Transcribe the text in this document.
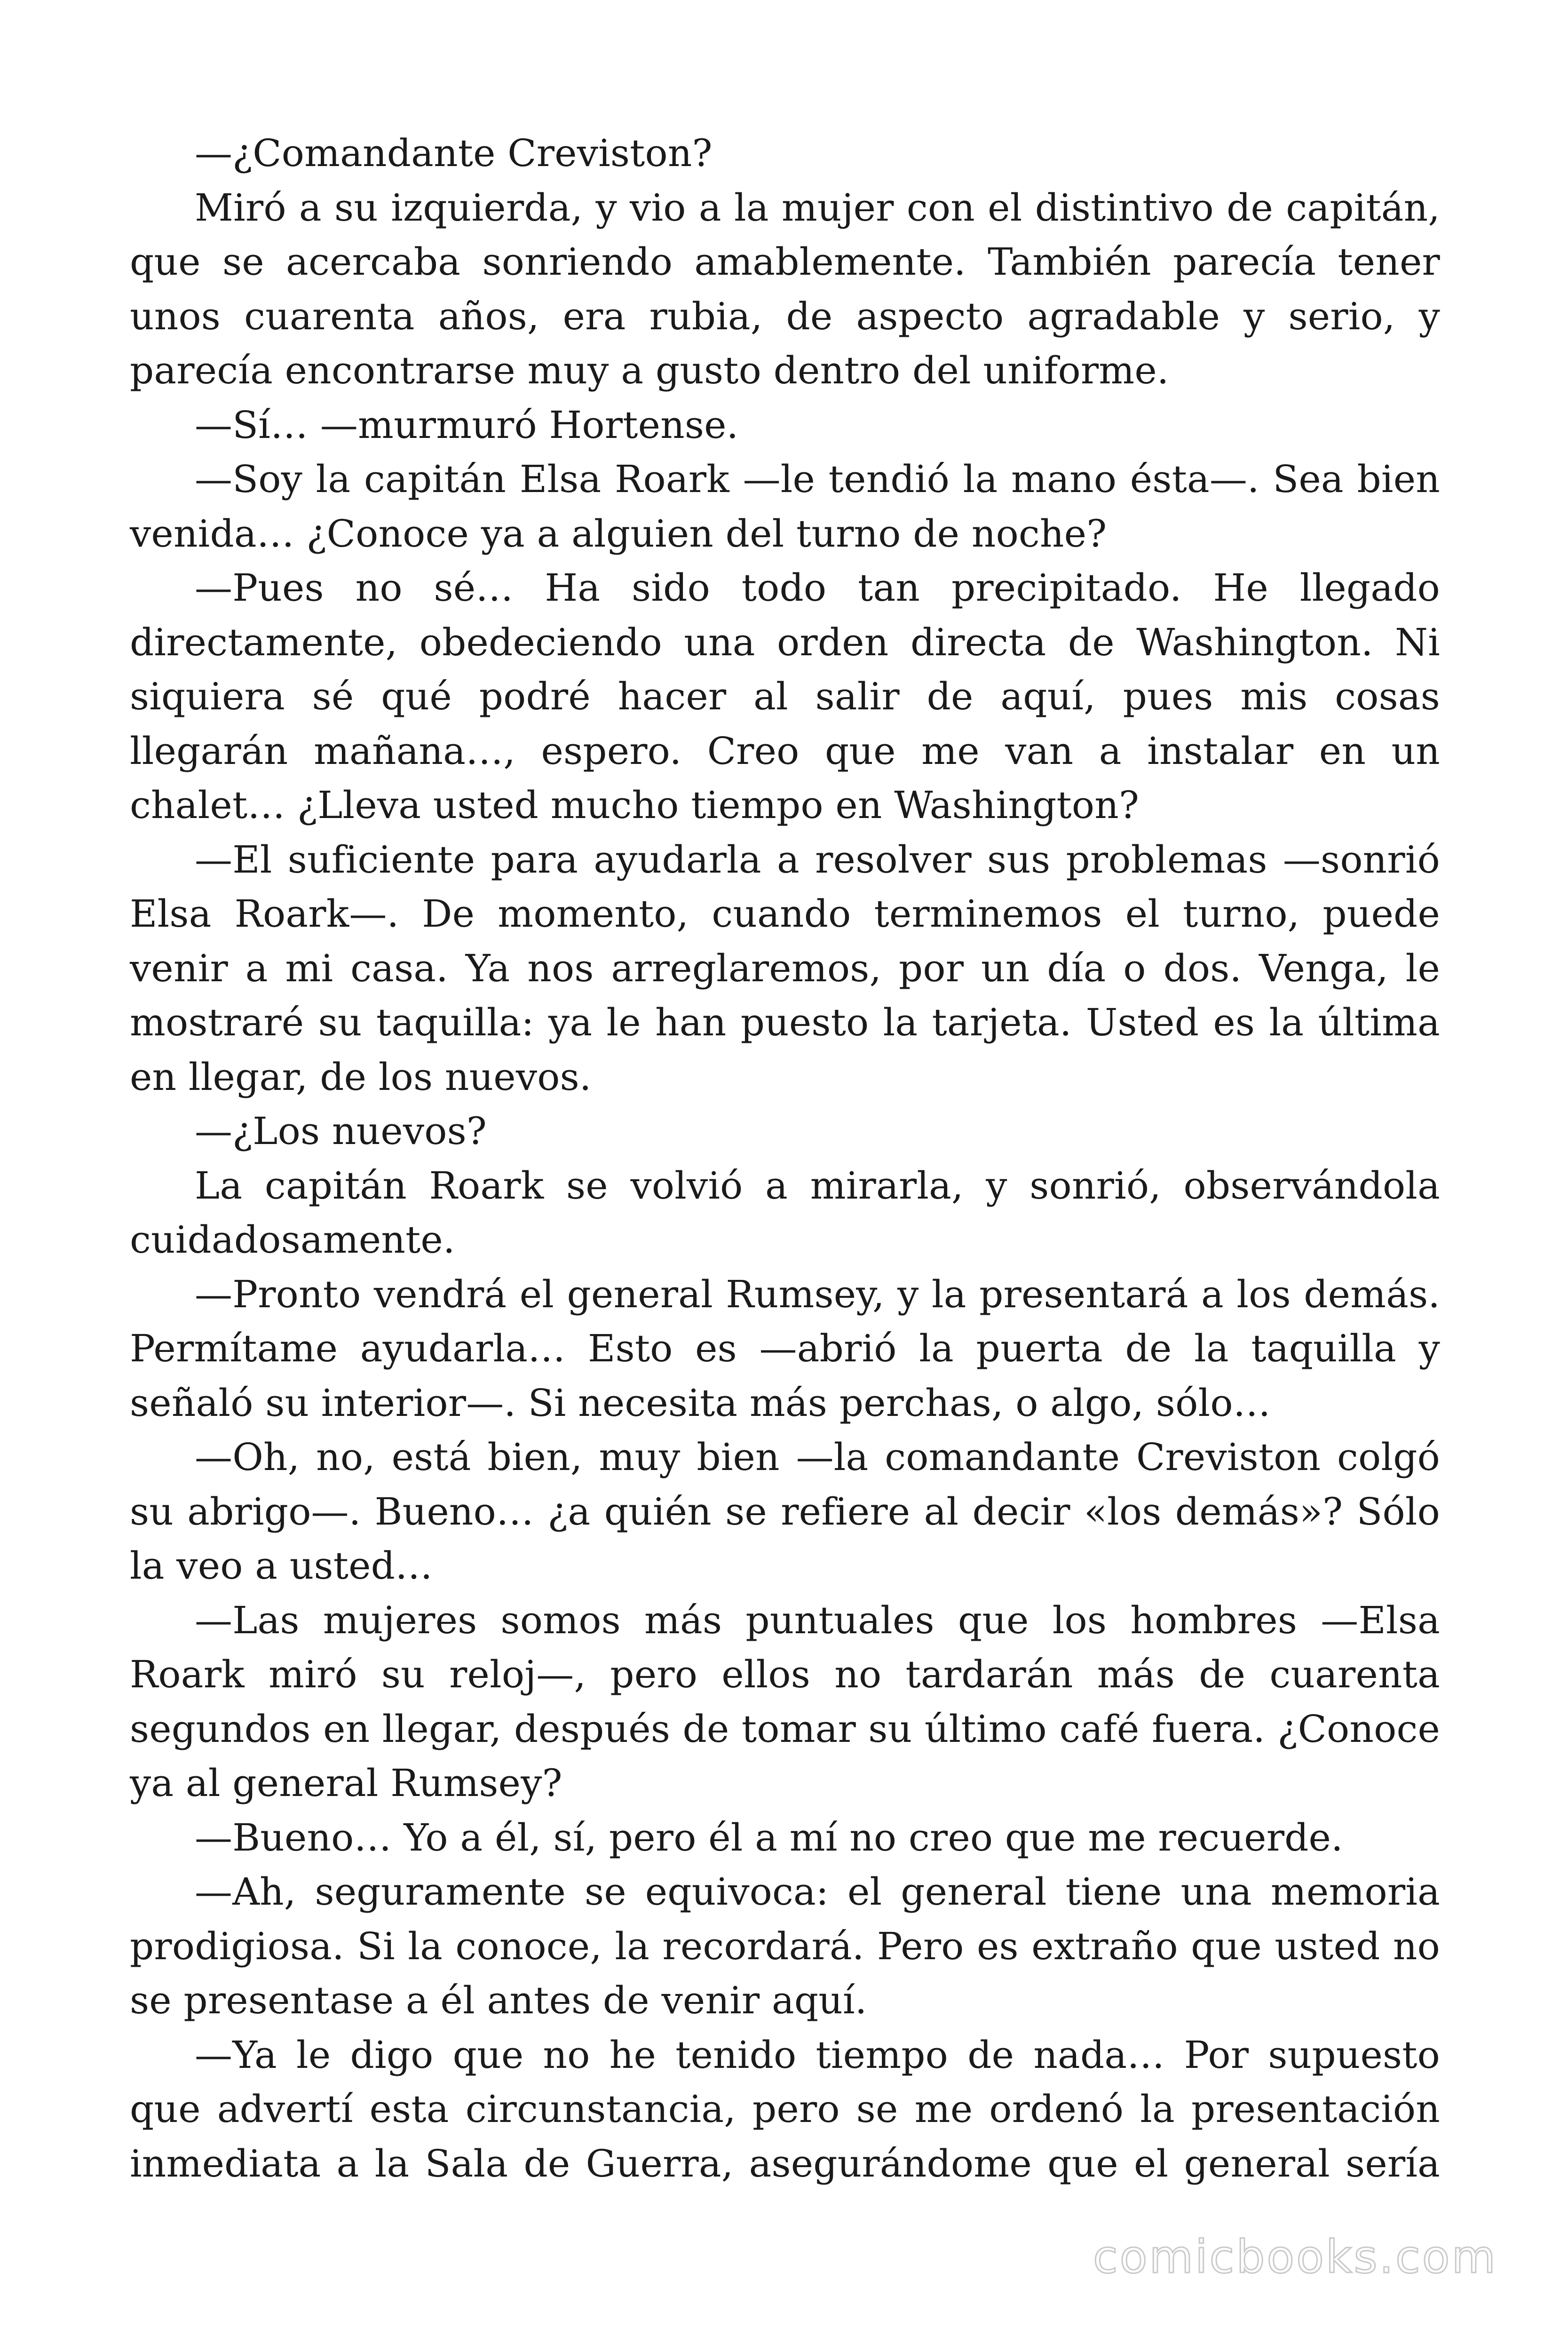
—¿Comandante Creviston?

Miró a su izquierda, y vio a la mujer con el distintivo de capitán, que se acercaba sonriendo amablemente. También parecía tener unos cuarenta años, era rubia, de aspecto agradable y serio, y parecía encontrarse muy a gusto dentro del uniforme.

—Sí… —murmuró Hortense.

—Soy la capitán Elsa Roark —le tendió la mano ésta—. Sea bien venida… ¿Conoce ya a alguien del turno de noche?

—Pues no sé… Ha sido todo tan precipitado. He llegado directamente, obedeciendo una orden directa de Washington. Ni siquiera sé qué podré hacer al salir de aquí, pues mis cosas llegarán mañana…, espero. Creo que me van a instalar en un chalet… ¿Lleva usted mucho tiempo en Washington?

—El suficiente para ayudarla a resolver sus problemas —sonrió Elsa Roark—. De momento, cuando terminemos el turno, puede venir a mi casa. Ya nos arreglaremos, por un día o dos. Venga, le mostraré su taquilla: ya le han puesto la tarjeta. Usted es la última en llegar, de los nuevos.

—¿Los nuevos?

La capitán Roark se volvió a mirarla, y sonrió, observándola cuidadosamente.

—Pronto vendrá el general Rumsey, y la presentará a los demás. Permítame ayudarla… Esto es —abrió la puerta de la taquilla y señaló su interior—. Si necesita más perchas, o algo, sólo…

—Oh, no, está bien, muy bien —la comandante Creviston colgó su abrigo—. Bueno… ¿a quién se refiere al decir «los demás»? Sólo la veo a usted…

—Las mujeres somos más puntuales que los hombres —Elsa Roark miró su reloj—, pero ellos no tardarán más de cuarenta segundos en llegar, después de tomar su último café fuera. ¿Conoce ya al general Rumsey?

—Bueno… Yo a él, sí, pero él a mí no creo que me recuerde.

—Ah, seguramente se equivoca: el general tiene una memoria prodigiosa. Si la conoce, la recordará. Pero es extraño que usted no se presentase a él antes de venir aquí.

—Ya le digo que no he tenido tiempo de nada… Por supuesto que advertí esta circunstancia, pero se me ordenó la presentación inmediata a la Sala de Guerra, asegurándome que el general sería

comicbooks.com
